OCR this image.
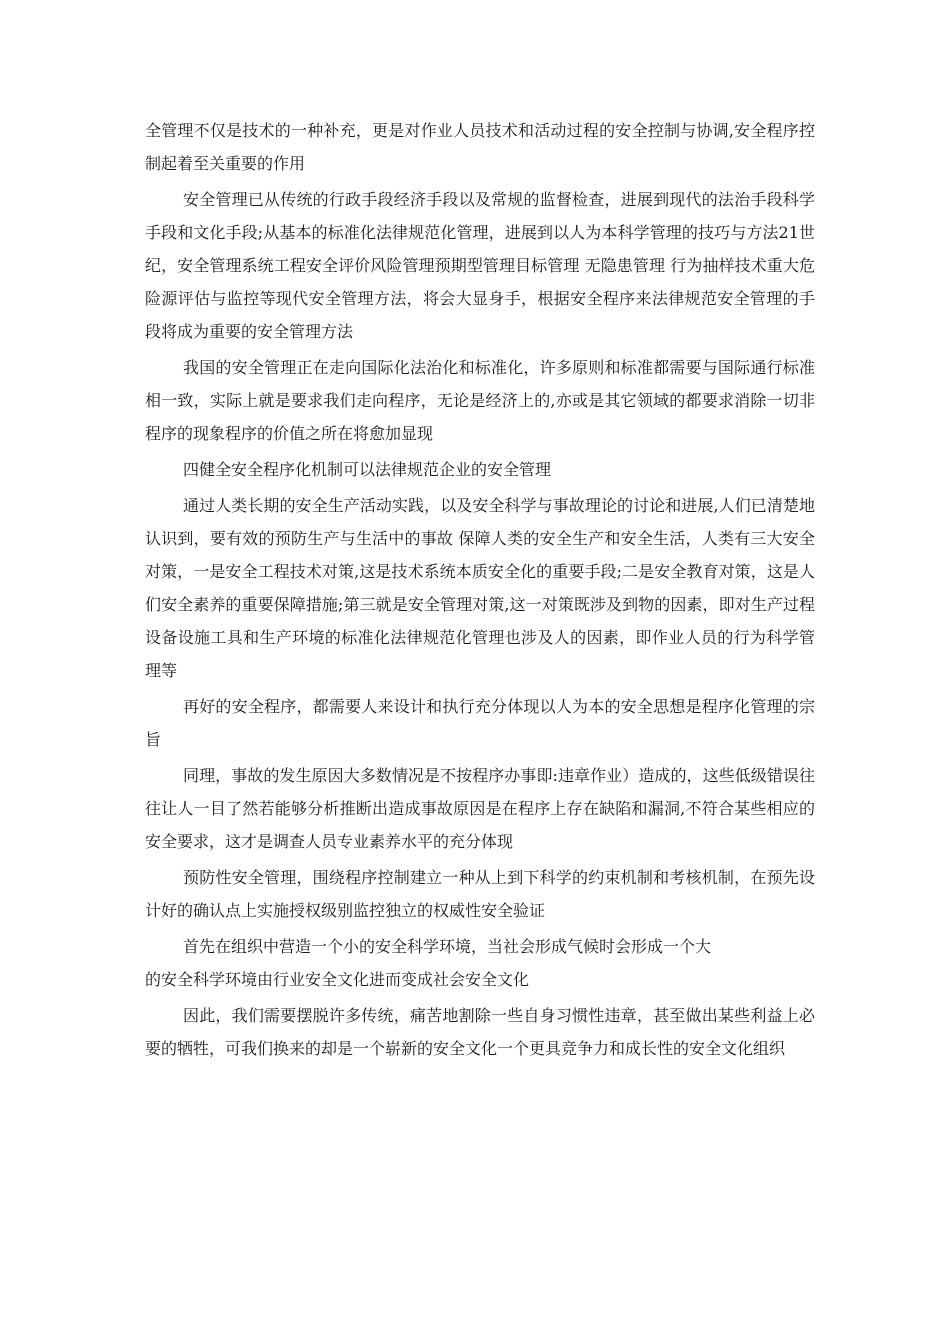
全管理不仅是技术的一种补充，更是对作业人员技术和活动过程的安全控制与协调,安全程序控制起着至关重要的作用

安全管理已从传统的行政手段经济手段以及常规的监督检查，进展到现代的法治手段科学手段和文化手段;从基本的标准化法律规范化管理，进展到以人为本科学管理的技巧与方法21世纪，安全管理系统工程安全评价风险管理预期型管理目标管理 无隐患管理 行为抽样技术重大危险源评估与监控等现代安全管理方法，将会大显身手，根据安全程序来法律规范安全管理的手段将成为重要的安全管理方法

我国的安全管理正在走向国际化法治化和标准化，许多原则和标准都需要与国际通行标准相一致，实际上就是要求我们走向程序，无论是经济上的,亦或是其它领域的都要求消除一切非程序的现象程序的价值之所在将愈加显现

四健全安全程序化机制可以法律规范企业的安全管理

通过人类长期的安全生产活动实践，以及安全科学与事故理论的讨论和进展,人们已清楚地认识到，要有效的预防生产与生活中的事故 保障人类的安全生产和安全生活，人类有三大安全对策，一是安全工程技术对策,这是技术系统本质安全化的重要手段;二是安全教育对策，这是人们安全素养的重要保障措施;第三就是安全管理对策,这一对策既涉及到物的因素，即对生产过程设备设施工具和生产环境的标准化法律规范化管理也涉及人的因素，即作业人员的行为科学管理等

再好的安全程序，都需要人来设计和执行充分体现以人为本的安全思想是程序化管理的宗旨

同理，事故的发生原因大多数情况是不按程序办事即:违章作业）造成的，这些低级错误往往让人一目了然若能够分析推断出造成事故原因是在程序上存在缺陷和漏洞,不符合某些相应的安全要求，这才是调查人员专业素养水平的充分体现

预防性安全管理，围绕程序控制建立一种从上到下科学的约束机制和考核机制，在预先设计好的确认点上实施授权级别监控独立的权威性安全验证

首先在组织中营造一个小的安全科学环境，当社会形成气候时会形成一个大
的安全科学环境由行业安全文化进而变成社会安全文化

因此，我们需要摆脱许多传统，痛苦地割除一些自身习惯性违章，甚至做出某些利益上必要的牺牲，可我们换来的却是一个崭新的安全文化一个更具竞争力和成长性的安全文化组织
